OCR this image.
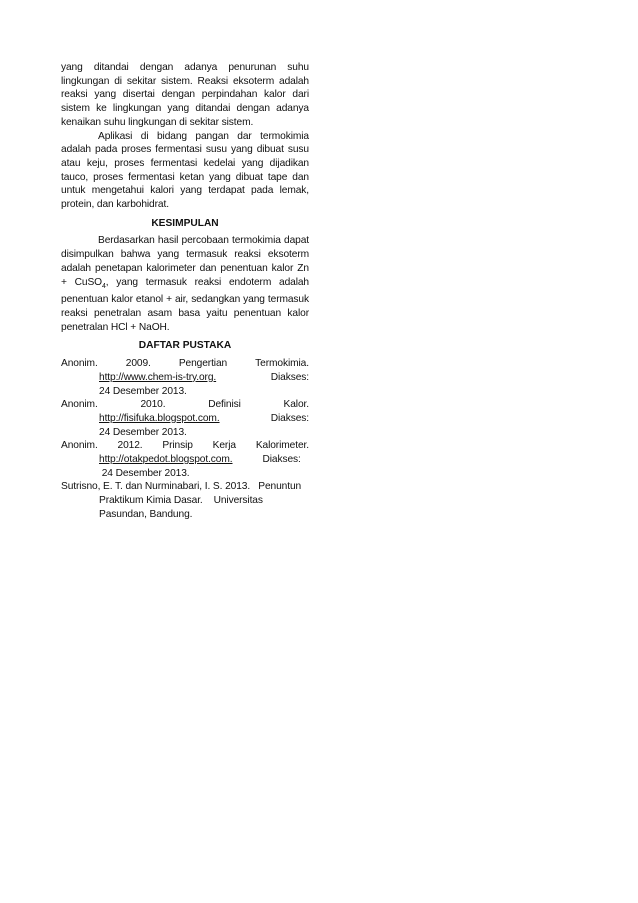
yang ditandai dengan adanya penurunan suhu lingkungan di sekitar sistem. Reaksi eksoterm adalah reaksi yang disertai dengan perpindahan kalor dari sistem ke lingkungan yang ditandai dengan adanya kenaikan suhu lingkungan di sekitar sistem.

Aplikasi di bidang pangan dar termokimia adalah pada proses fermentasi susu yang dibuat susu atau keju, proses fermentasi kedelai yang dijadikan tauco, proses fermentasi ketan yang dibuat tape dan untuk mengetahui kalori yang terdapat pada lemak, protein, dan karbohidrat.

KESIMPULAN

Berdasarkan hasil percobaan termokimia dapat disimpulkan bahwa yang termasuk reaksi eksoterm adalah penetapan kalorimeter dan penentuan kalor Zn + CuSO$_4$, yang termasuk reaksi endoterm adalah penentuan kalor etanol + air, sedangkan yang termasuk reaksi penetralan asam basa yaitu penentuan kalor penetralan HCl + NaOH.

DAFTAR PUSTAKA
Anonim.	2009.	Pengertian	Termokimia.
http://www.chem-is-try.org.	Diakses:
24 Desember 2013.
Anonim.	2010.	Definisi	Kalor.
http://fisifuka.blogspot.com.	Diakses:
24 Desember 2013.
Anonim. 2012. Prinsip Kerja Kalorimeter.
http://otakpedot.blogspot.com.	Diakses:
24 Desember 2013.
Sutrisno, E. T. dan Nurminabari, I. S. 2013.   Penuntun
Praktikum Kimia Dasar.    Universitas
Pasundan, Bandung.
